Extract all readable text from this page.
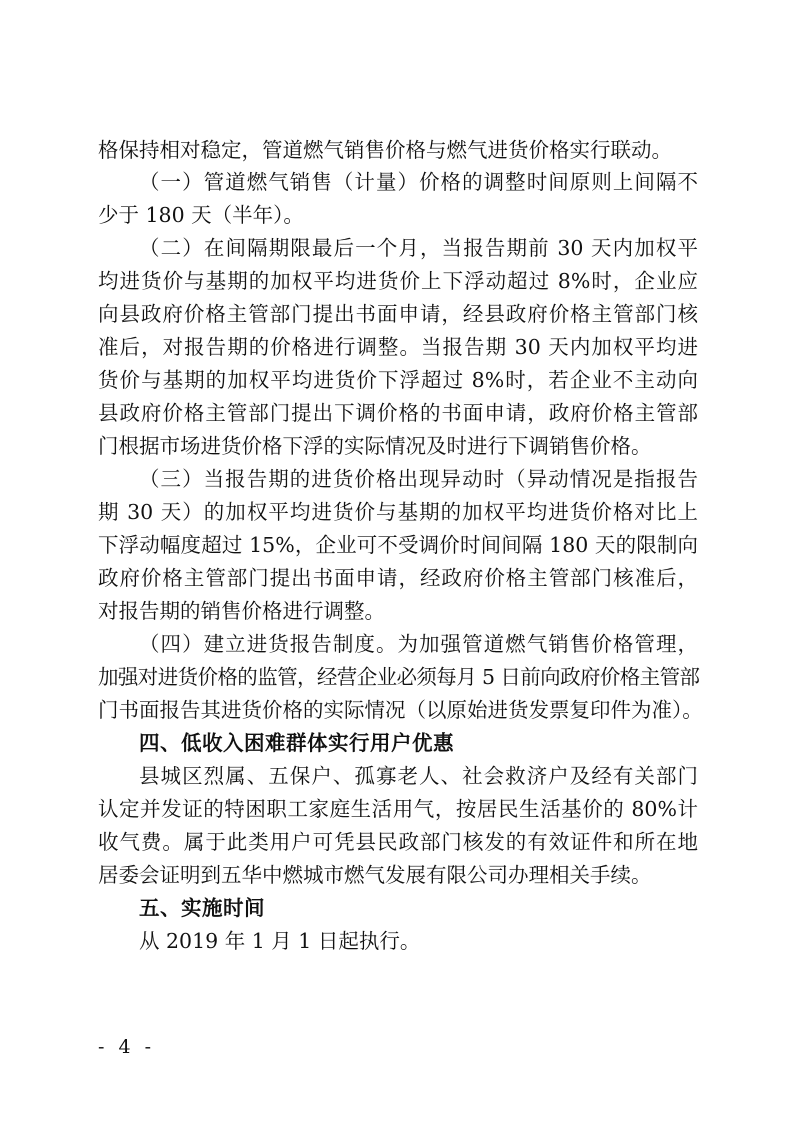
格保持相对稳定，管道燃气销售价格与燃气进货价格实行联动。
（一）管道燃气销售（计量）价格的调整时间原则上间隔不
少于 180 天（半年）。
（二）在间隔期限最后一个月，当报告期前 30 天内加权平
均进货价与基期的加权平均进货价上下浮动超过 8%时，企业应
向县政府价格主管部门提出书面申请，经县政府价格主管部门核
准后，对报告期的价格进行调整。当报告期 30 天内加权平均进
货价与基期的加权平均进货价下浮超过 8%时，若企业不主动向
县政府价格主管部门提出下调价格的书面申请，政府价格主管部
门根据市场进货价格下浮的实际情况及时进行下调销售价格。
（三）当报告期的进货价格出现异动时（异动情况是指报告
期 30 天）的加权平均进货价与基期的加权平均进货价格对比上
下浮动幅度超过 15%，企业可不受调价时间间隔 180 天的限制向
政府价格主管部门提出书面申请，经政府价格主管部门核准后，
对报告期的销售价格进行调整。
（四）建立进货报告制度。为加强管道燃气销售价格管理，
加强对进货价格的监管，经营企业必须每月 5 日前向政府价格主管部
门书面报告其进货价格的实际情况（以原始进货发票复印件为准）。
四、低收入困难群体实行用户优惠
县城区烈属、五保户、孤寡老人、社会救济户及经有关部门
认定并发证的特困职工家庭生活用气，按居民生活基价的 80%计
收气费。属于此类用户可凭县民政部门核发的有效证件和所在地
居委会证明到五华中燃城市燃气发展有限公司办理相关手续。
五、实施时间
从 2019 年 1 月 1 日起执行。
- 4 -
